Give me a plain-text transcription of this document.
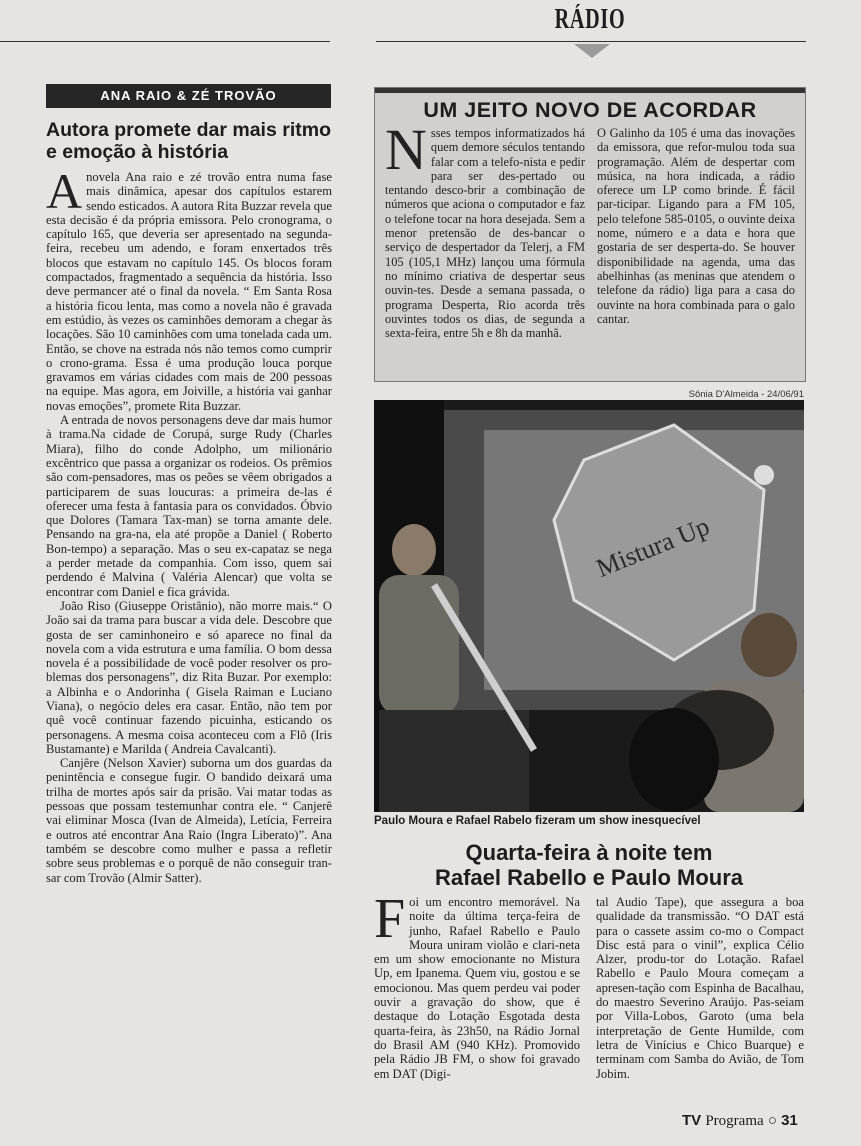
RÁDIO
ANA RAIO & ZÉ TROVÃO
Autora promete dar mais ritmo e emoção à história

Anovela Ana raio e zé trovão entra numa fase mais dinâmica, apesar dos capítulos estarem sendo esticados. A autora Rita Buzzar revela que esta decisão é da própria emissora. Pelo cronograma, o capítulo 165, que deveria ser apresentado na segunda-feira, recebeu um adendo, e foram enxertados três blocos que estavam no capítulo 145. Os blocos foram compactados, fragmentado a sequência da história. Isso deve permancer até o final da novela. “ Em Santa Rosa a história ficou lenta, mas como a novela não é gravada em estúdio, às vezes os caminhões demoram a chegar às locações. São 10 caminhões com uma tonelada cada um. Então, se chove na estrada nós não temos como cumprir o crono-grama. Essa é uma produção louca porque gravamos em várias cidades com mais de 200 pessoas na equipe. Mas agora, em Joiville, a história vai ganhar novas emoções”, promete Rita Buzzar.

A entrada de novos personagens deve dar mais humor à trama.Na cidade de Corupá, surge Rudy (Charles Miara), filho do conde Adolpho, um milionário excêntrico que passa a organizar os rodeios. Os prêmios são com-pensadores, mas os peões se vêem obrigados a participarem de suas loucuras: a primeira de-las é oferecer uma festa à fantasia para os convidados. Óbvio que Dolores (Tamara Tax-man) se torna amante dele. Pensando na gra-na, ela até propõe a Daniel ( Roberto Bon-tempo) a separação. Mas o seu ex-capataz se nega a perder metade da companhia. Com isso, quem sai perdendo é Malvina ( Valéria Alencar) que volta se encontrar com Daniel e fica grávida.

João Riso (Giuseppe Oristânio), não morre mais.“ O João sai da trama para buscar a vida dele. Descobre que gosta de ser caminhoneiro e só aparece no final da novela com a vida estrutura e uma família. O bom dessa novela é a possibilidade de você poder resolver os pro-blemas dos personagens”, diz Rita Buzar. Por exemplo: a Albinha e o Andorinha ( Gisela Raiman e Luciano Viana), o negócio deles era casar. Então, não tem por quê você continuar fazendo picuinha, esticando os personagens. A mesma coisa aconteceu com a Flô (Iris Bustamante) e Marilda ( Andreia Cavalcanti).

Canjêre (Nelson Xavier) suborna um dos guardas da penintência e consegue fugir. O bandido deixará uma trilha de mortes após sair da prisão. Vai matar todas as pessoas que possam testemunhar contra ele. “ Canjerê vai eliminar Mosca (Ivan de Almeida), Letícia, Ferreira e outros até encontrar Ana Raio (Ingra Liberato)”. Ana também se descobre como mulher e passa a refletir sobre seus problemas e o porquê de não conseguir tran-sar com Trovão (Almir Satter).

UM JEITO NOVO DE ACORDAR
Nsses tempos informatizados há quem demore séculos tentando falar com a telefo-nista e pedir para ser des-pertado ou tentando desco-brir a combinação de números que aciona o computador e faz o telefone tocar na hora desejada. Sem a menor pretensão de des-bancar o serviço de despertador da Telerj, a FM 105 (105,1 MHz) lançou uma fórmula no mínimo criativa de despertar seus ouvin-tes. Desde a semana passada, o programa Desperta, Rio acorda três ouvintes todos os dias, de segunda a sexta-feira, entre 5h e 8h da manhã.
O Galinho da 105 é uma das inovações da emissora, que refor-mulou toda sua programação. Além de despertar com música, na hora indicada, a rádio oferece um LP como brinde. É fácil par-ticipar. Ligando para a FM 105, pelo telefone 585-0105, o ouvinte deixa nome, número e a data e hora que gostaria de ser desperta-do. Se houver disponibilidade na agenda, uma das abelhinhas (as meninas que atendem o telefone da rádio) liga para a casa do ouvinte na hora combinada para o galo cantar.
Sônia D'Almeida - 24/06/91
Mistura Up
Paulo Moura e Rafael Rabelo fizeram um show inesquecível
Quarta-feira à noite tem
Rafael Rabello e Paulo Moura
Foi um encontro memorável. Na noite da última terça-feira de junho, Rafael Rabello e Paulo Moura uniram violão e clari-neta em um show emocionante no Mistura Up, em Ipanema. Quem viu, gostou e se emocionou. Mas quem perdeu vai poder ouvir a gravação do show, que é destaque do Lotação Esgotada desta quarta-feira, às 23h50, na Rádio Jornal do Brasil AM (940 KHz). Promovido pela Rádio JB FM, o show foi gravado em DAT (Digi-
tal Audio Tape), que assegura a boa qualidade da transmissão. “O DAT está para o cassete assim co-mo o Compact Disc está para o vinil”, explica Célio Alzer, produ-tor do Lotação. Rafael Rabello e Paulo Moura começam a apresen-tação com Espinha de Bacalhau, do maestro Severino Araújo. Pas-seiam por Villa-Lobos, Garoto (uma bela interpretação de Gente Humilde, com letra de Vinícius e Chico Buarque) e terminam com Samba do Avião, de Tom Jobim.
TV Programa ○ 31
